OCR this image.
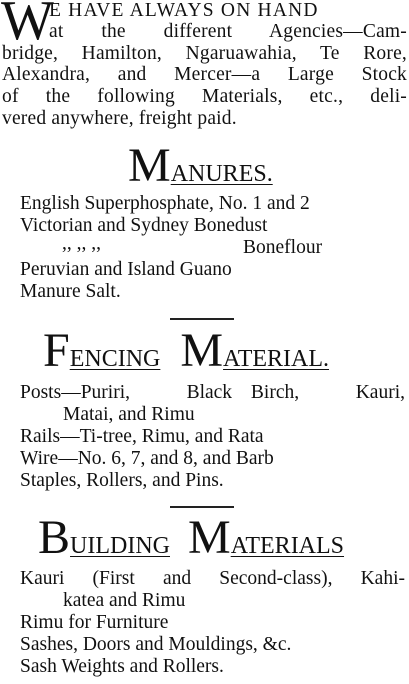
W
E HAVE ALWAYS ON HAND
at the different Agencies—Cam-
bridge, Hamilton, Ngaruawahia, Te Rore,
Alexandra, and Mercer—a Large Stock
of the following Materials, etc., deli-
vered anywhere, freight paid.
MANURES.
English Superphosphate, No. 1 and 2
Victorian and Sydney Bonedust
,, ,, ,,	Boneflour
Peruvian and Island Guano
Manure Salt.
FENCING MATERIAL.
Posts—Puriri,   Black Birch,   Kauri,
Matai, and Rimu
Rails—Ti-tree, Rimu, and Rata
Wire—No. 6, 7, and 8, and Barb
Staples, Rollers, and Pins.
BUILDING MATERIALS
Kauri (First and Second-class), Kahi-
katea and Rimu
Rimu for Furniture
Sashes, Doors and Mouldings, &c.
Sash Weights and Rollers.
